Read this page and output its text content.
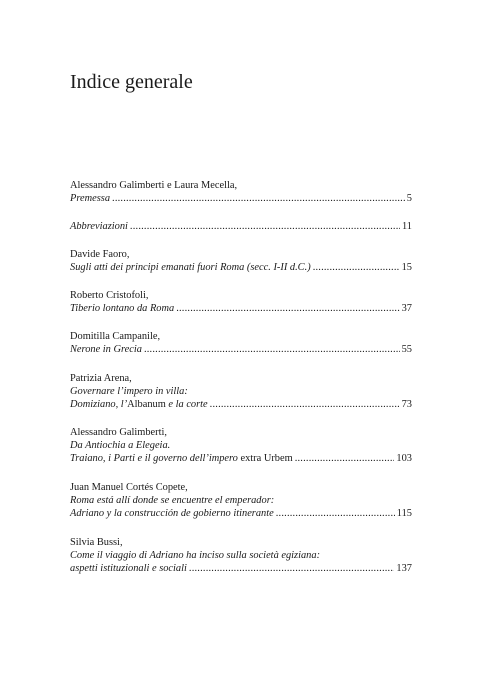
Indice generale
Alessandro Galimberti e Laura Mecella,
Premessa .....	5
Abbreviazioni .....	11
Davide Faoro,
Sugli atti dei principi emanati fuori Roma (secc. I-II d.C.) .....	15
Roberto Cristofoli,
Tiberio lontano da Roma .....	37
Domitilla Campanile,
Nerone in Grecia .....	55
Patrizia Arena,
Governare l’impero in villa:
Domiziano, l’Albanum e la corte .....	73
Alessandro Galimberti,
Da Antiochia a Elegeia.
Traiano, i Parti e il governo dell’impero extra Urbem .....	103
Juan Manuel Cortés Copete,
Roma está allí donde se encuentre el emperador:
Adriano y la construcción de gobierno itinerante .....	115
Silvia Bussi,
Come il viaggio di Adriano ha inciso sulla società egiziana:
aspetti istituzionali e sociali .....	137
